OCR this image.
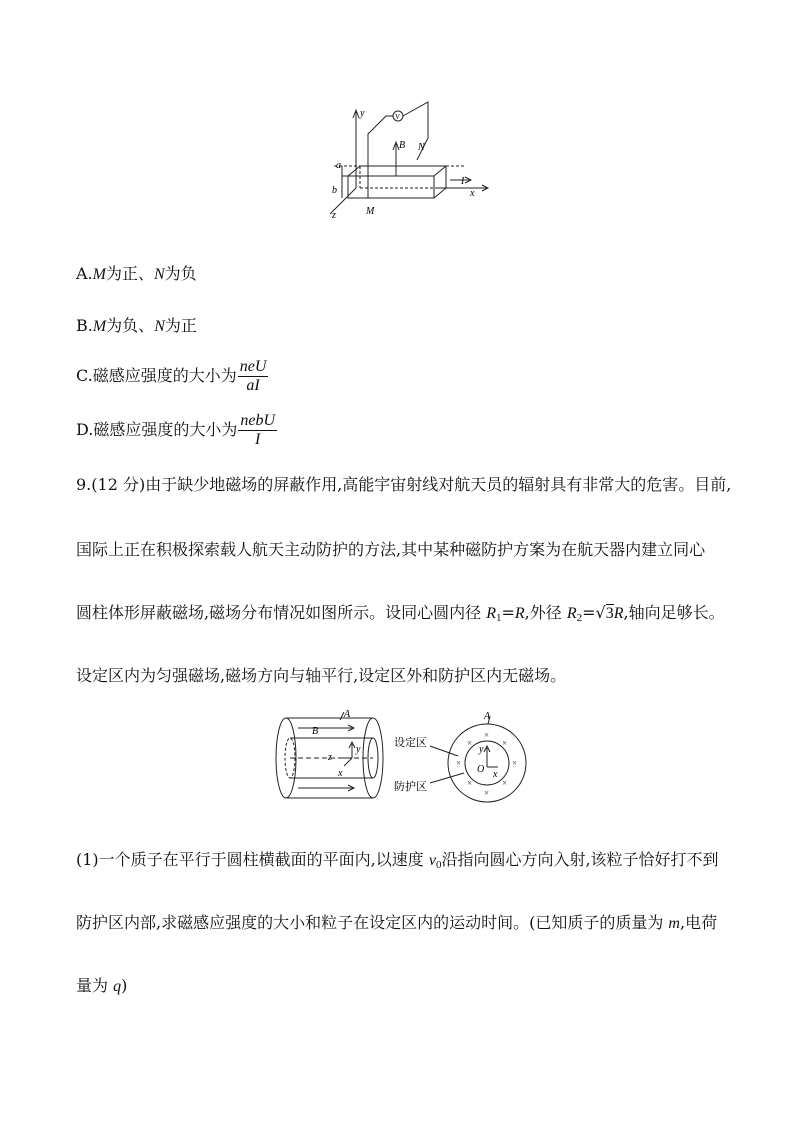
y	V
B N
a
b
I
x
z	M
A.M为正、N为负
B.M为负、N为正
C.磁感应强度的大小为 $\frac{\text{neU}}{aI}$
D.磁感应强度的大小为 $\frac{\text{nebU}}{I}$
9.(12 分)由于缺少地磁场的屏蔽作用,高能宇宙射线对航天员的辐射具有非常大的危害。目前,
国际上正在积极探索载人航天主动防护的方法,其中某种磁防护方案为在航天器内建立同心
圆柱体形屏蔽磁场,磁场分布情况如图所示。设同心圆内径 $R_1=R$,外径 $R_2=√3R$,轴向足够长。
设定区内为匀强磁场,磁场方向与轴平行,设定区外和防护区内无磁场。
A
B
z
y
x
设定区
防护区
A
y
O x
×
×	×
×	×
×	×
×
(1)一个质子在平行于圆柱横截面的平面内,以速度 $v_0$沿指向圆心方向入射,该粒子恰好打不到
防护区内部,求磁感应强度的大小和粒子在设定区内的运动时间。(已知质子的质量为 m,电荷
量为 q)
